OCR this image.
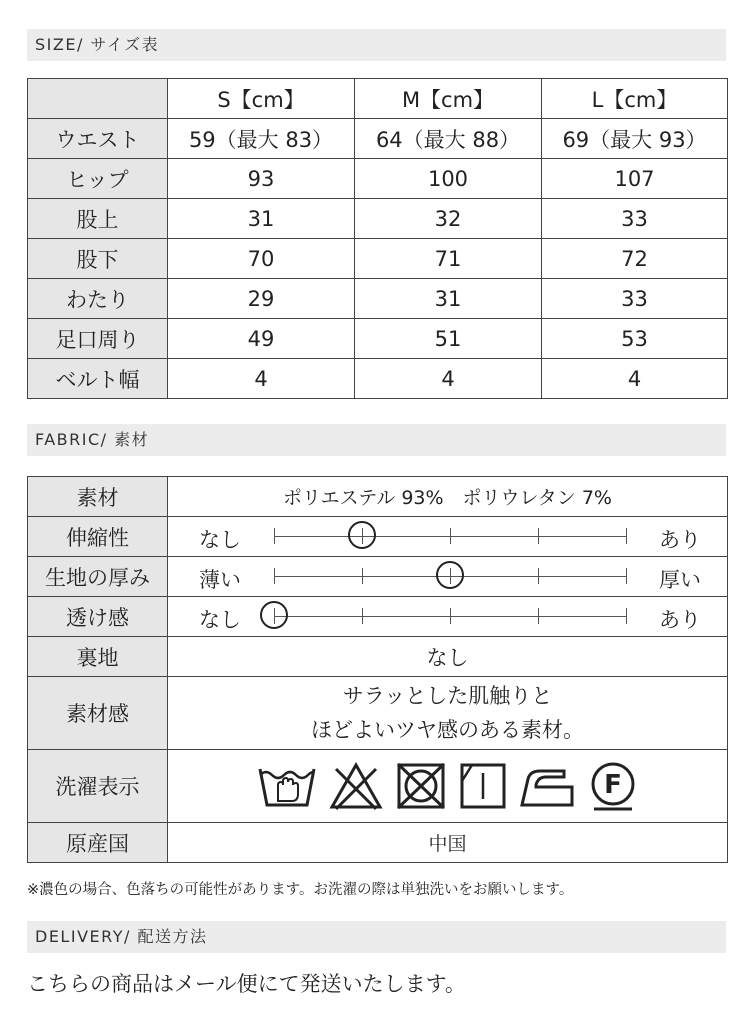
SIZE/ サイズ表
	S【cm】	M【cm】	L【cm】
ウエスト	59（最大 83）	64（最大 88）	69（最大 93）
ヒップ	93	100	107
股上	31	32	33
股下	70	71	72
わたり	29	31	33
足口周り	49	51	53
ベルト幅	4	4	4
FABRIC/ 素材
素材	ポリエステル 93%　ポリウレタン 7%
伸縮性	なし あり

生地の厚み	薄い 厚い

透け感	なし あり

裏地	なし
素材感	サラッとした肌触りと
ほどよいツヤ感のある素材。

洗濯表示	F

原産国	中国
※濃色の場合、色落ちの可能性があります。お洗濯の際は単独洗いをお願いします。
DELIVERY/ 配送方法
こちらの商品はメール便にて発送いたします。
